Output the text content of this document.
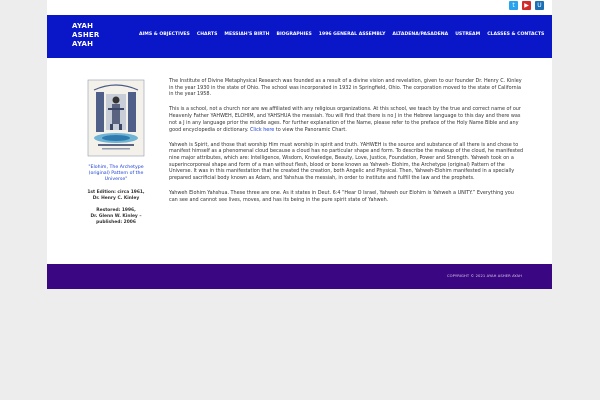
t	▶	U
AYAH
ASHER
AYAH
AIMS & OBJECTIVES CHARTS MESSIAH'S BIRTH BIOGRAPHIES 1996 GENERAL ASSEMBLY ALTADENA/PASADENA USTREAM CLASSES & CONTACTS
"Elohim, The Archetype (original) Pattern of the Universe"
1st Edition: circa 1961,
Dr. Henry C. Kinley
Restored: 1996,
Dr. Glenn W. Kinley –
published: 2006

The Institute of Divine Metaphysical Research was founded as a result of a divine vision and revelation, given to our founder Dr. Henry C. Kinley in the year 1930 in the state of Ohio. The school was incorporated in 1932 in Springfield, Ohio. The corporation moved to the state of California in the year 1958.

This is a school, not a church nor are we affiliated with any religious organizations. At this school, we teach by the true and correct name of our Heavenly Father YAHWEH, ELOHIM, and YAHSHUA the messiah. You will find that there is no J in the Hebrew language to this day and there was not a J in any language prior the middle ages. For further explanation of the Name, please refer to the preface of the Holy Name Bible and any good encyclopedia or dictionary. Click here to view the Panoramic Chart.

Yahweh is Spirit, and those that worship Him must worship in spirit and truth. YAHWEH is the source and substance of all there is and chose to manifest himself as a phenomenal cloud because a cloud has no particular shape and form. To describe the makeup of the cloud, he manifested nine major attributes, which are: Intelligence, Wisdom, Knowledge, Beauty, Love, Justice, Foundation, Power and Strength. Yahweh took on a superincorporeal shape and form of a man without flesh, blood or bone known as Yahweh- Elohim, the Archetype (original) Pattern of the Universe. It was in this manifestation that he created the creation, both Angelic and Physical. Then, Yahweh-Elohim manifested in a specially prepared sacrificial body known as Adam, and Yahshua the messiah, in order to institute and fulfill the law and the prophets.

Yahweh Elohim Yahshua. These three are one. As it states in Deut. 6:4 “Hear O Israel, Yahweh our Elohim is Yahweh a UNITY.” Everything you can see and cannot see lives, moves, and has its being in the pure spirit state of Yahweh.

COPYRIGHT © 2021 AYAH ASHER AYAH
